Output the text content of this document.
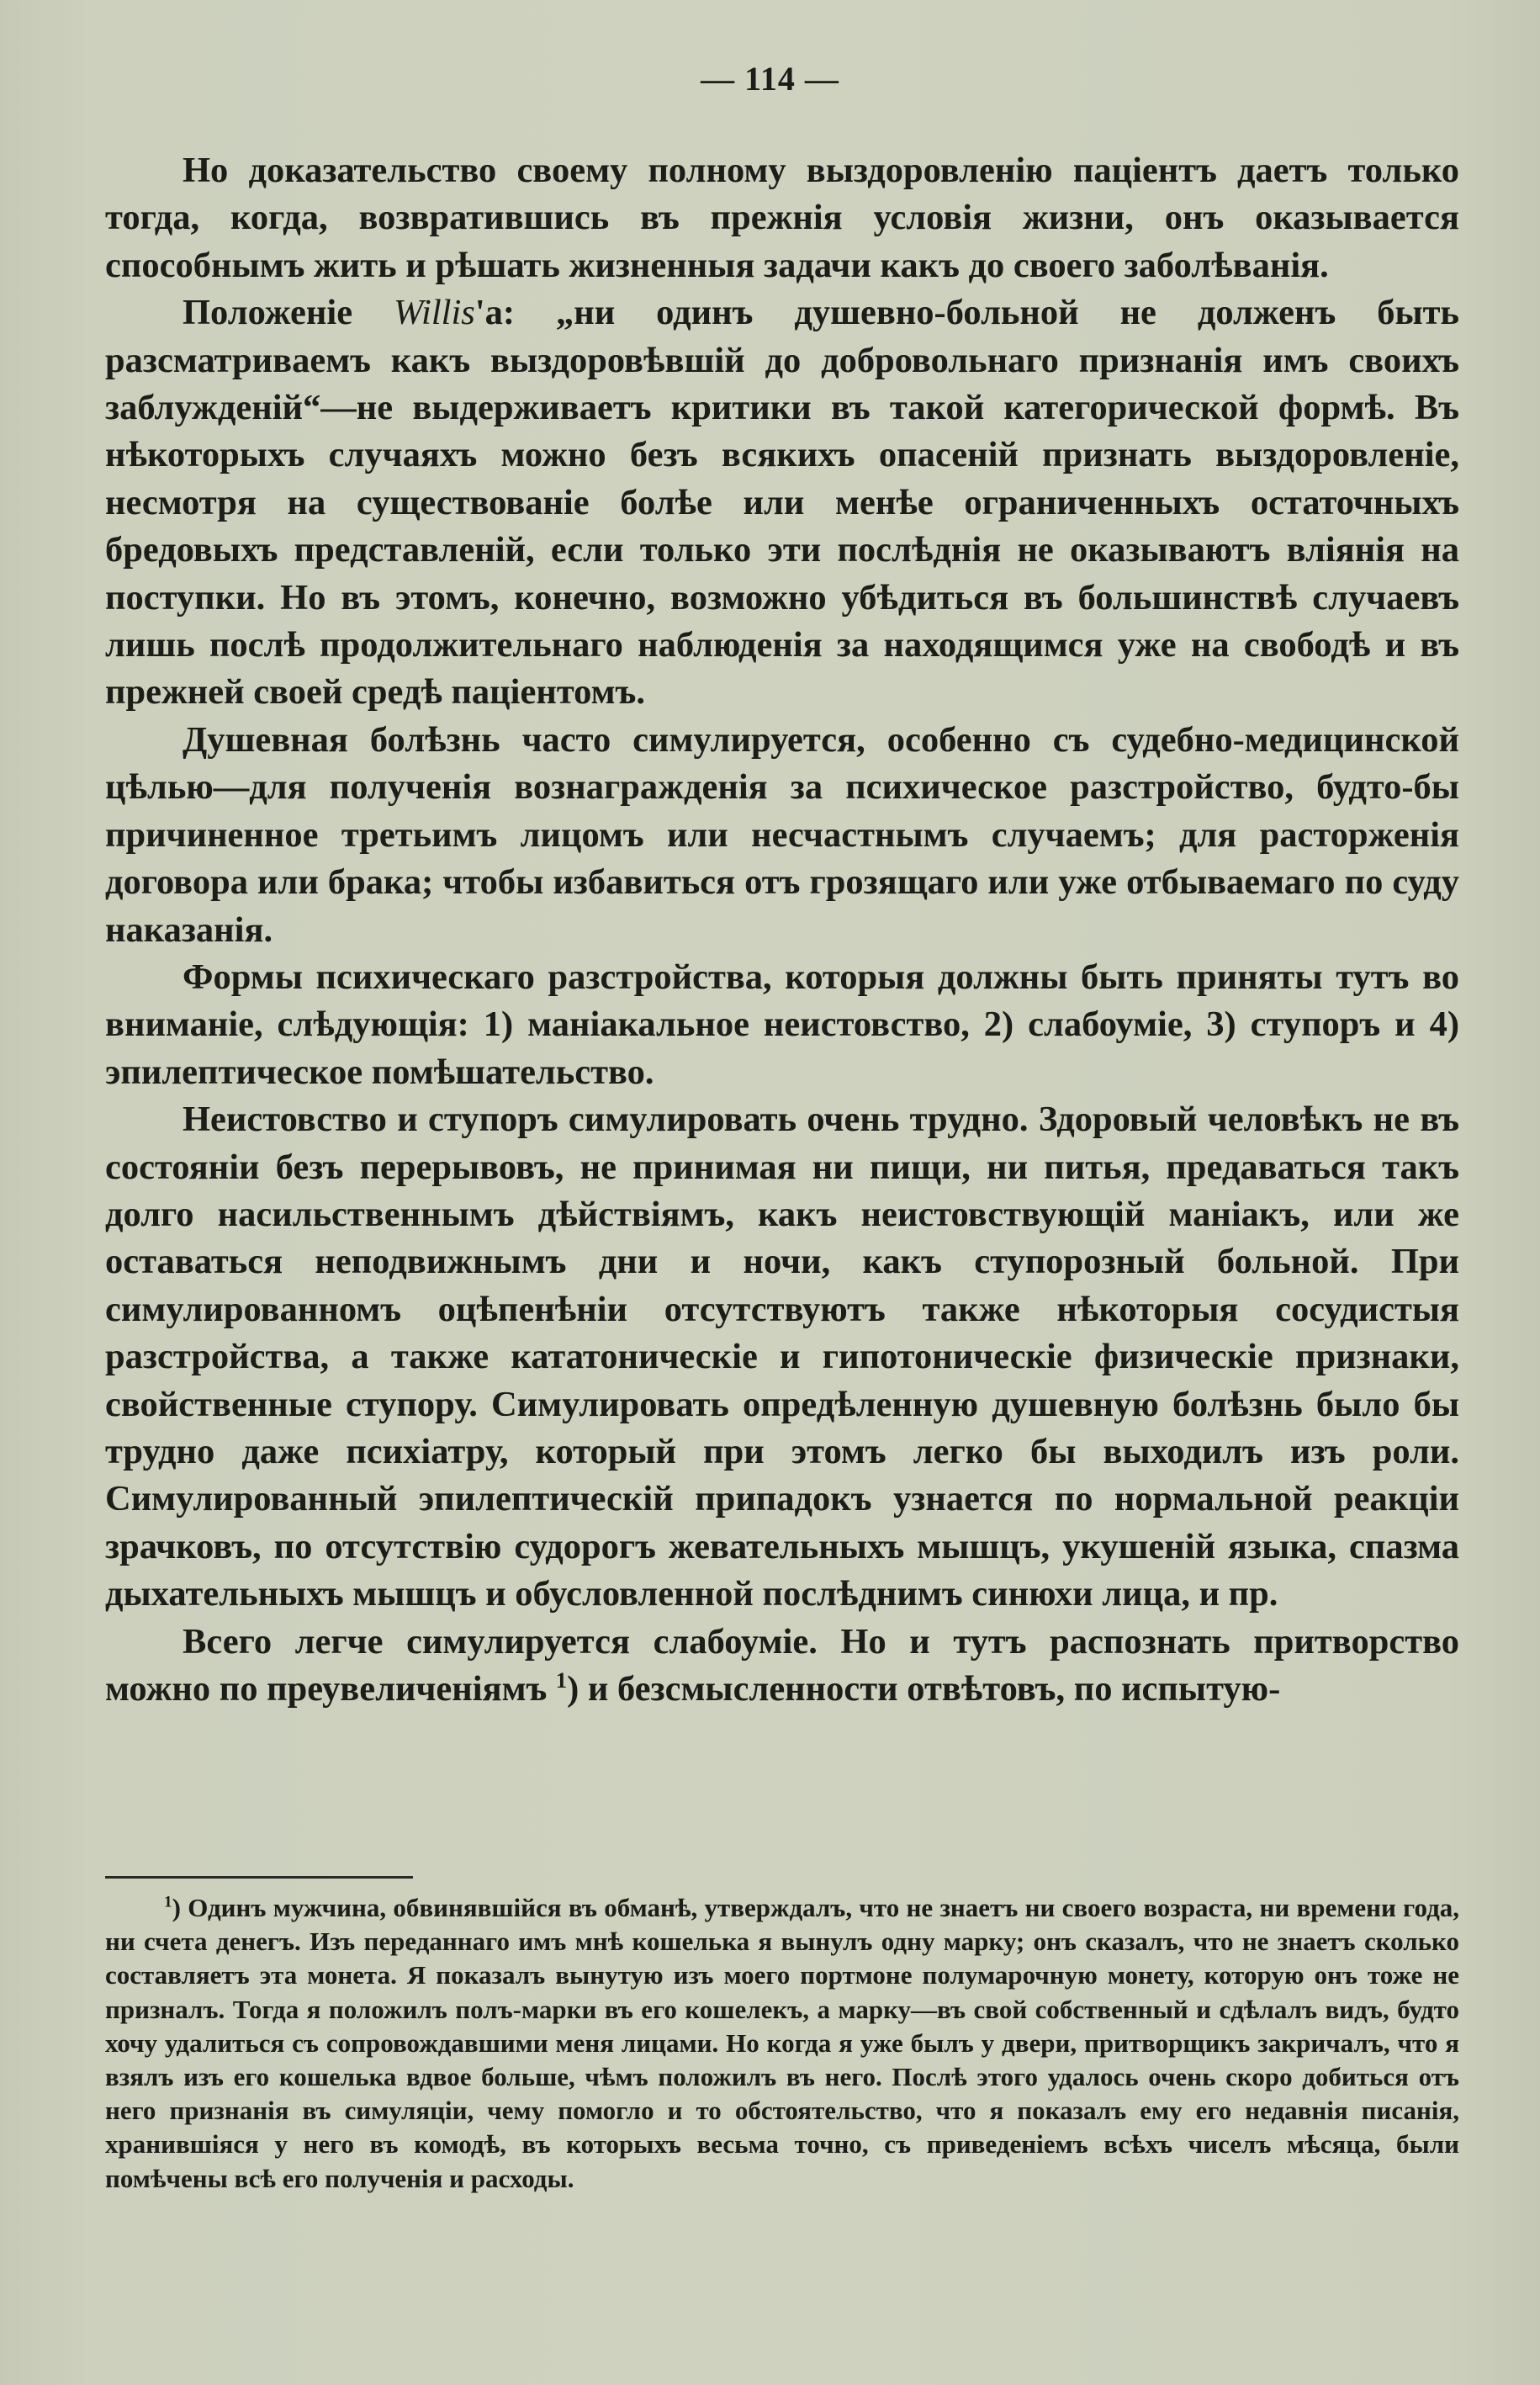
— 114 —

Но доказательство своему полному выздоровленію паціентъ даетъ только тогда, когда, возвратившись въ прежнія условія жизни, онъ оказывается способнымъ жить и рѣшать жизненныя задачи какъ до своего заболѣванія.

Положеніе Willis'а: „ни одинъ душевно-больной не долженъ быть разсматриваемъ какъ выздоровѣвшій до добровольнаго признанія имъ своихъ заблужденій“—не выдерживаетъ критики въ такой категорической формѣ. Въ нѣкоторыхъ случаяхъ можно безъ всякихъ опасеній признать выздоровленіе, несмотря на существованіе болѣе или менѣе ограниченныхъ остаточныхъ бредовыхъ представленій, если только эти послѣднія не оказываютъ вліянія на поступки. Но въ этомъ, конечно, возможно убѣдиться въ большинствѣ случаевъ лишь послѣ продолжительнаго наблюденія за находящимся уже на свободѣ и въ прежней своей средѣ паціентомъ.

Душевная болѣзнь часто симулируется, особенно съ судебно-медицинской цѣлью—для полученія вознагражденія за психическое разстройство, будто-бы причиненное третьимъ лицомъ или несчастнымъ случаемъ; для расторженія договора или брака; чтобы избавиться отъ грозящаго или уже отбываемаго по суду наказанія.

Формы психическаго разстройства, которыя должны быть приняты тутъ во вниманіе, слѣдующія: 1) маніакальное неистовство, 2) слабоуміе, 3) ступоръ и 4) эпилептическое помѣшательство.

Неистовство и ступоръ симулировать очень трудно. Здоровый человѣкъ не въ состояніи безъ перерывовъ, не принимая ни пищи, ни питья, предаваться такъ долго насильственнымъ дѣйствіямъ, какъ неистовствующій маніакъ, или же оставаться неподвижнымъ дни и ночи, какъ ступорозный больной. При симулированномъ оцѣпенѣніи отсутствуютъ также нѣкоторыя сосудистыя разстройства, а также кататоническіе и гипотоническіе физическіе признаки, свойственные ступору. Симулировать опредѣленную душевную болѣзнь было бы трудно даже психіатру, который при этомъ легко бы выходилъ изъ роли. Симулированный эпилептическій припадокъ узнается по нормальной реакціи зрачковъ, по отсутствію судорогъ жевательныхъ мышцъ, укушеній языка, спазма дыхательныхъ мышцъ и обусловленной послѣднимъ синюхи лица, и пр.

Всего легче симулируется слабоуміе. Но и тутъ распознать притворство можно по преувеличеніямъ $^1$) и безсмысленности отвѣтовъ, по испытую-

$^1$) Одинъ мужчина, обвинявшійся въ обманѣ, утверждалъ, что не знаетъ ни своего возраста, ни времени года, ни счета денегъ. Изъ переданнаго имъ мнѣ кошелька я вынулъ одну марку; онъ сказалъ, что не знаетъ сколько составляетъ эта монета. Я показалъ вынутую изъ моего портмоне полумарочную монету, которую онъ тоже не призналъ. Тогда я положилъ полъ-марки въ его кошелекъ, а марку—въ свой собственный и сдѣлалъ видъ, будто хочу удалиться съ сопровождавшими меня лицами. Но когда я уже былъ у двери, притворщикъ закричалъ, что я взялъ изъ его кошелька вдвое больше, чѣмъ положилъ въ него. Послѣ этого удалось очень скоро добиться отъ него признанія въ симуляціи, чему помогло и то обстоятельство, что я показалъ ему его недавнія писанія, хранившіяся у него въ комодѣ, въ которыхъ весьма точно, съ приведеніемъ всѣхъ чиселъ мѣсяца, были помѣчены всѣ его полученія и расходы.
